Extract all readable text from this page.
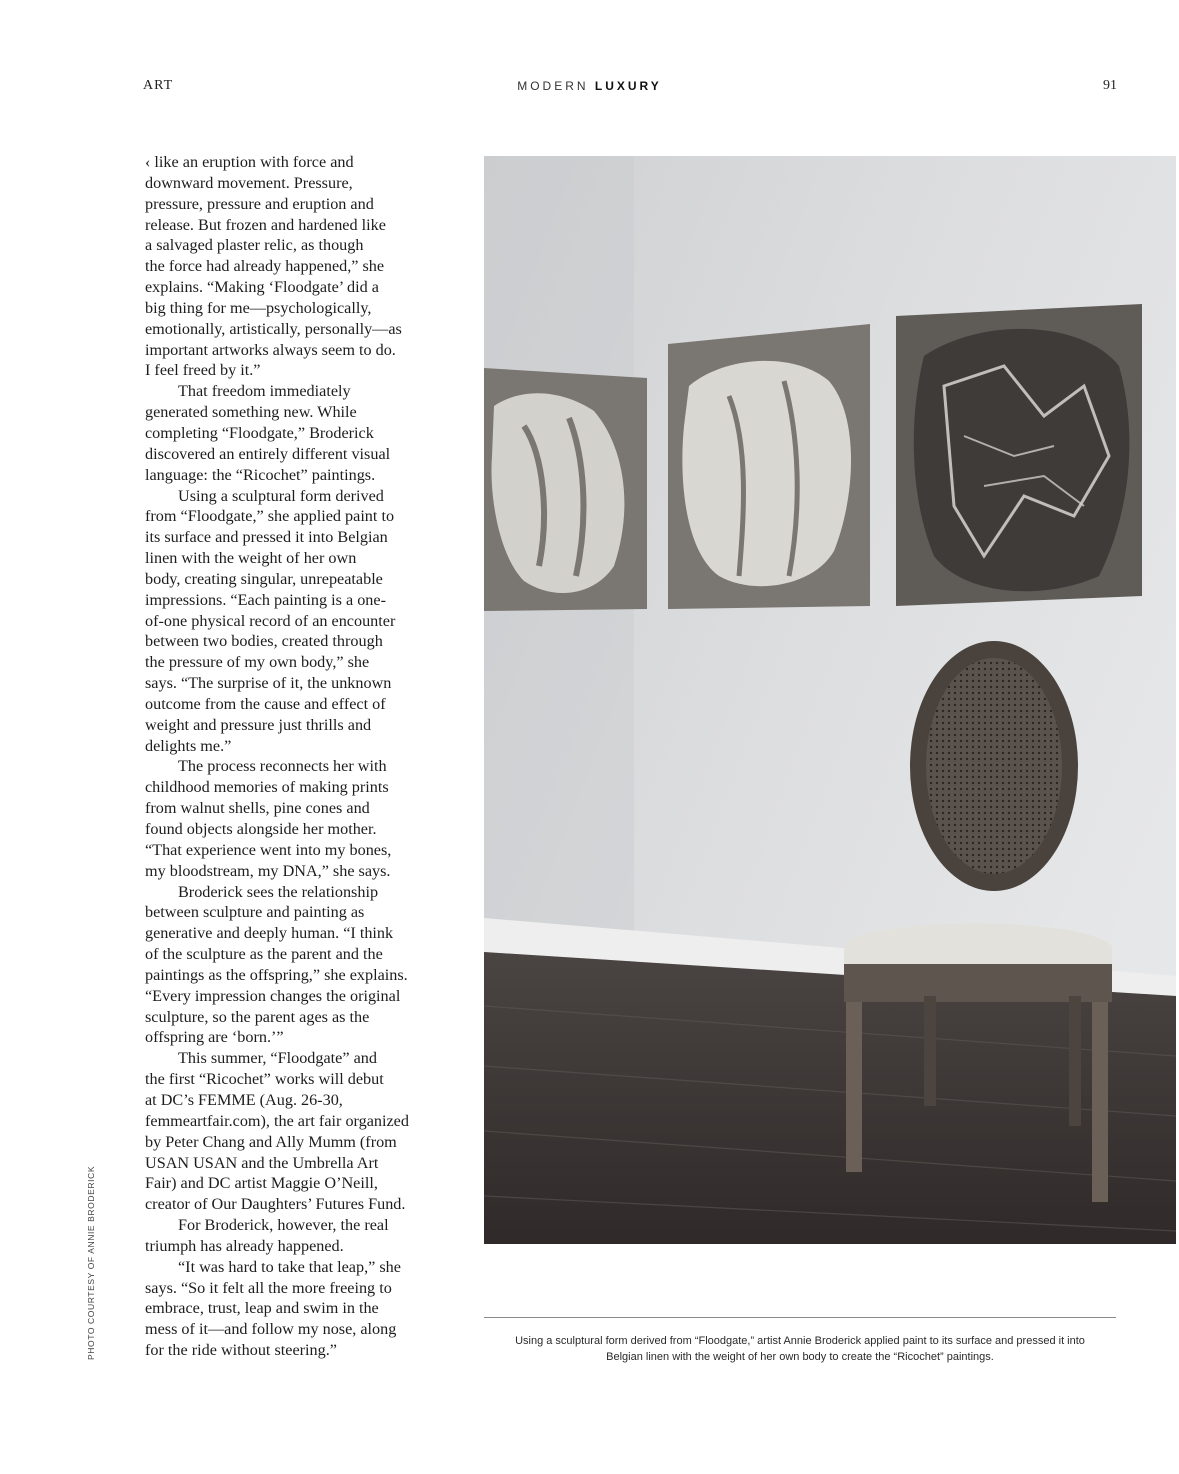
ART	MODERN LUXURY	91
‹ like an eruption with force and
downward movement. Pressure,
pressure, pressure and eruption and
release. But frozen and hardened like
a salvaged plaster relic, as though
the force had already happened,” she
explains. “Making ‘Floodgate’ did a
big thing for me—psychologically,
emotionally, artistically, personally—as
important artworks always seem to do.
I feel freed by it.”
That freedom immediately
generated something new. While
completing “Floodgate,” Broderick
discovered an entirely different visual
language: the “Ricochet” paintings.
Using a sculptural form derived
from “Floodgate,” she applied paint to
its surface and pressed it into Belgian
linen with the weight of her own
body, creating singular, unrepeatable
impressions. “Each painting is a one-
of-one physical record of an encounter
between two bodies, created through
the pressure of my own body,” she
says. “The surprise of it, the unknown
outcome from the cause and effect of
weight and pressure just thrills and
delights me.”
The process reconnects her with
childhood memories of making prints
from walnut shells, pine cones and
found objects alongside her mother.
“That experience went into my bones,
my bloodstream, my DNA,” she says.
Broderick sees the relationship
between sculpture and painting as
generative and deeply human. “I think
of the sculpture as the parent and the
paintings as the offspring,” she explains.
“Every impression changes the original
sculpture, so the parent ages as the
offspring are ‘born.’”
This summer, “Floodgate” and
the first “Ricochet” works will debut
at DC’s FEMME (Aug. 26-30,
femmeartfair.com), the art fair organized
by Peter Chang and Ally Mumm (from
USAN USAN and the Umbrella Art
Fair) and DC artist Maggie O’Neill,
creator of Our Daughters’ Futures Fund.
For Broderick, however, the real
triumph has already happened.
“It was hard to take that leap,” she
says. “So it felt all the more freeing to
embrace, trust, leap and swim in the
mess of it—and follow my nose, along
for the ride without steering.”
PHOTO COURTESY OF ANNIE BRODERICK	Using a sculptural form derived from “Floodgate,” artist Annie Broderick applied paint to its surface and pressed it into
Belgian linen with the weight of her own body to create the “Ricochet” paintings.
